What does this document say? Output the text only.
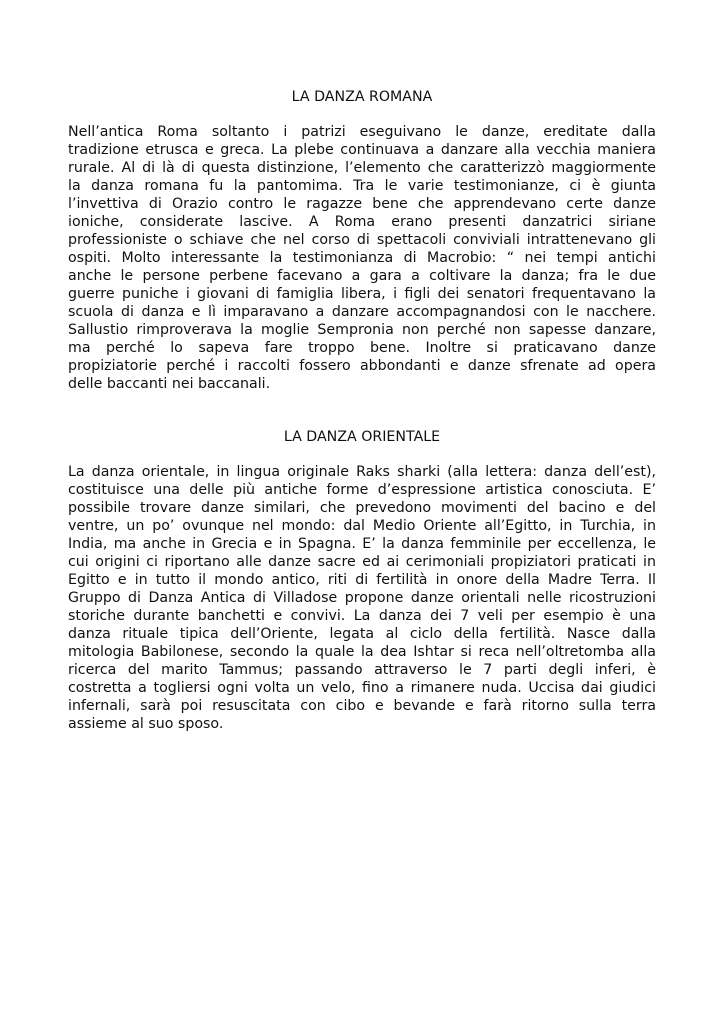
LA DANZA ROMANA
Nell’antica Roma soltanto i patrizi eseguivano le danze, ereditate dalla
tradizione etrusca e greca. La plebe continuava a danzare alla vecchia maniera
rurale. Al di là di questa distinzione, l’elemento che caratterizzò maggiormente
la danza romana fu la pantomima. Tra le varie testimonianze, ci è giunta
l’invettiva di Orazio contro le ragazze bene che apprendevano certe danze
ioniche, considerate lascive. A Roma erano presenti danzatrici siriane
professioniste o schiave che nel corso di spettacoli conviviali intrattenevano gli
ospiti. Molto interessante la testimonianza di Macrobio: “ nei tempi antichi
anche le persone perbene facevano a gara a coltivare la danza; fra le due
guerre puniche i giovani di famiglia libera, i figli dei senatori frequentavano la
scuola di danza e lì imparavano a danzare accompagnandosi con le nacchere.
Sallustio rimproverava la moglie Sempronia non perché non sapesse danzare,
ma perché lo sapeva fare troppo bene. Inoltre si praticavano danze
propiziatorie perché i raccolti fossero abbondanti e danze sfrenate ad opera
delle baccanti nei baccanali.
LA DANZA ORIENTALE
La danza orientale, in lingua originale Raks sharki (alla lettera: danza dell’est),
costituisce una delle più antiche forme d’espressione artistica conosciuta. E’
possibile trovare danze similari, che prevedono movimenti del bacino e del
ventre, un po’ ovunque nel mondo: dal Medio Oriente all’Egitto, in Turchia, in
India, ma anche in Grecia e in Spagna. E’ la danza femminile per eccellenza, le
cui origini ci riportano alle danze sacre ed ai cerimoniali propiziatori praticati in
Egitto e in tutto il mondo antico, riti di fertilità in onore della Madre Terra. Il
Gruppo di Danza Antica di Villadose propone danze orientali nelle ricostruzioni
storiche durante banchetti e convivi. La danza dei 7 veli per esempio è una
danza rituale tipica dell’Oriente, legata al ciclo della fertilità. Nasce dalla
mitologia Babilonese, secondo la quale la dea Ishtar si reca nell’oltretomba alla
ricerca del marito Tammus; passando attraverso le 7 parti degli inferi, è
costretta a togliersi ogni volta un velo, fino a rimanere nuda. Uccisa dai giudici
infernali, sarà poi resuscitata con cibo e bevande e farà ritorno sulla terra
assieme al suo sposo.
